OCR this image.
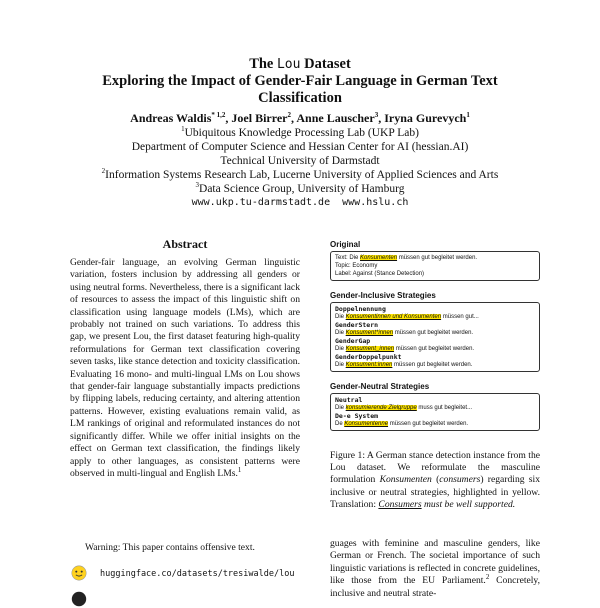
The Lou Dataset
Exploring the Impact of Gender-Fair Language in German Text
Classification
Andreas Waldis$^{* 1,2}$, Joel Birrer$^2$, Anne Lauscher$^3$, Iryna Gurevych$^1$
$^1$Ubiquitous Knowledge Processing Lab (UKP Lab)
Department of Computer Science and Hessian Center for AI (hessian.AI)
Technical University of Darmstadt
$^2$Information Systems Research Lab, Lucerne University of Applied Sciences and Arts
$^3$Data Science Group, University of Hamburg
www.ukp.tu-darmstadt.de  www.hslu.ch
Abstract
Gender-fair language, an evolving German linguistic variation, fosters inclusion by addressing all genders or using neutral forms. Nevertheless, there is a significant lack of resources to assess the impact of this linguistic shift on classification using language models (LMs), which are probably not trained on such variations. To address this gap, we present Lou, the first dataset featuring high-quality reformulations for German text classification covering seven tasks, like stance detection and toxicity classification. Evaluating 16 mono- and multi-lingual LMs on Lou shows that gender-fair language substantially impacts predictions by flipping labels, reducing certainty, and altering attention patterns. However, existing evaluations remain valid, as LM rankings of original and reformulated instances do not significantly differ. While we offer initial insights on the effect on German text classification, the findings likely apply to other languages, as consistent patterns were observed in multi-lingual and English LMs.$^1$
Warning: This paper contains offensive text.
huggingface.co/datasets/tresiwalde/lou
Original
Text: Die Konsumenten müssen gut begleitet werden.
Topic: Economy
Label: Against (Stance Detection)
Gender-Inclusive Strategies
Doppelnennung
Die Konsumentinnen und Konsumenten müssen gut...
GenderStern
Die Konsument*innen müssen gut begleitet werden.
GenderGap
Die Konsument_innen müssen gut begleitet werden.
GenderDoppelpunkt
Die Konsument:innen müssen gut begleitet werden.
Gender-Neutral Strategies
Neutral
Die konsumierende Zielgruppe muss gut begleitet...
De-e System
De Konsumentenne müssen gut begleitet werden.
Figure 1: A German stance detection instance from the Lou dataset. We reformulate the masculine formulation Konsumenten (consumers) regarding six inclusive or neutral strategies, highlighted in yellow. Translation: Consumers must be well supported.
guages with feminine and masculine genders, like German or French. The societal importance of such linguistic variations is reflected in concrete guidelines, like those from the EU Parliament.$^2$ Concretely, inclusive and neutral strate-
